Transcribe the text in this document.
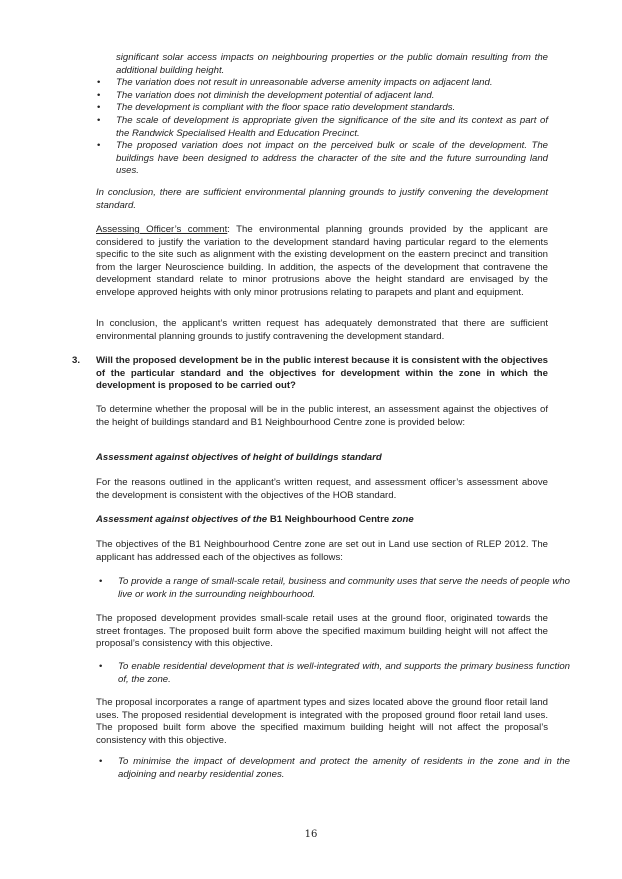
significant solar access impacts on neighbouring properties or the public domain resulting from the additional building height.
• The variation does not result in unreasonable adverse amenity impacts on adjacent land.
• The variation does not diminish the development potential of adjacent land.
• The development is compliant with the floor space ratio development standards.
• The scale of development is appropriate given the significance of the site and its context as part of the Randwick Specialised Health and Education Precinct.
• The proposed variation does not impact on the perceived bulk or scale of the development. The buildings have been designed to address the character of the site and the future surrounding land uses.

In conclusion, there are sufficient environmental planning grounds to justify convening the development standard.

Assessing Officer’s comment: The environmental planning grounds provided by the applicant are considered to justify the variation to the development standard having particular regard to the elements specific to the site such as alignment with the existing development on the eastern precinct and transition from the larger Neuroscience building. In addition, the aspects of the development that contravene the development standard relate to minor protrusions above the height standard are envisaged by the envelope approved heights with only minor protrusions relating to parapets and plant and equipment.

In conclusion, the applicant’s written request has adequately demonstrated that there are sufficient environmental planning grounds to justify contravening the development standard.

3. Will the proposed development be in the public interest because it is consistent with the objectives of the particular standard and the objectives for development within the zone in which the development is proposed to be carried out?

To determine whether the proposal will be in the public interest, an assessment against the objectives of the height of buildings standard and B1 Neighbourhood Centre zone is provided below:

Assessment against objectives of height of buildings standard

For the reasons outlined in the applicant’s written request, and assessment officer’s assessment above the development is consistent with the objectives of the HOB standard.

Assessment against objectives of the B1 Neighbourhood Centre zone

The objectives of the B1 Neighbourhood Centre zone are set out in Land use section of RLEP 2012. The applicant has addressed each of the objectives as follows:

• To provide a range of small-scale retail, business and community uses that serve the needs of people who live or work in the surrounding neighbourhood.

The proposed development provides small-scale retail uses at the ground floor, originated towards the street frontages. The proposed built form above the specified maximum building height will not affect the proposal’s consistency with this objective.

• To enable residential development that is well-integrated with, and supports the primary business function of, the zone.

The proposal incorporates a range of apartment types and sizes located above the ground floor retail land uses. The proposed residential development is integrated with the proposed ground floor retail land uses. The proposed built form above the specified maximum building height will not affect the proposal’s consistency with this objective.

• To minimise the impact of development and protect the amenity of residents in the zone and in the adjoining and nearby residential zones.
16
